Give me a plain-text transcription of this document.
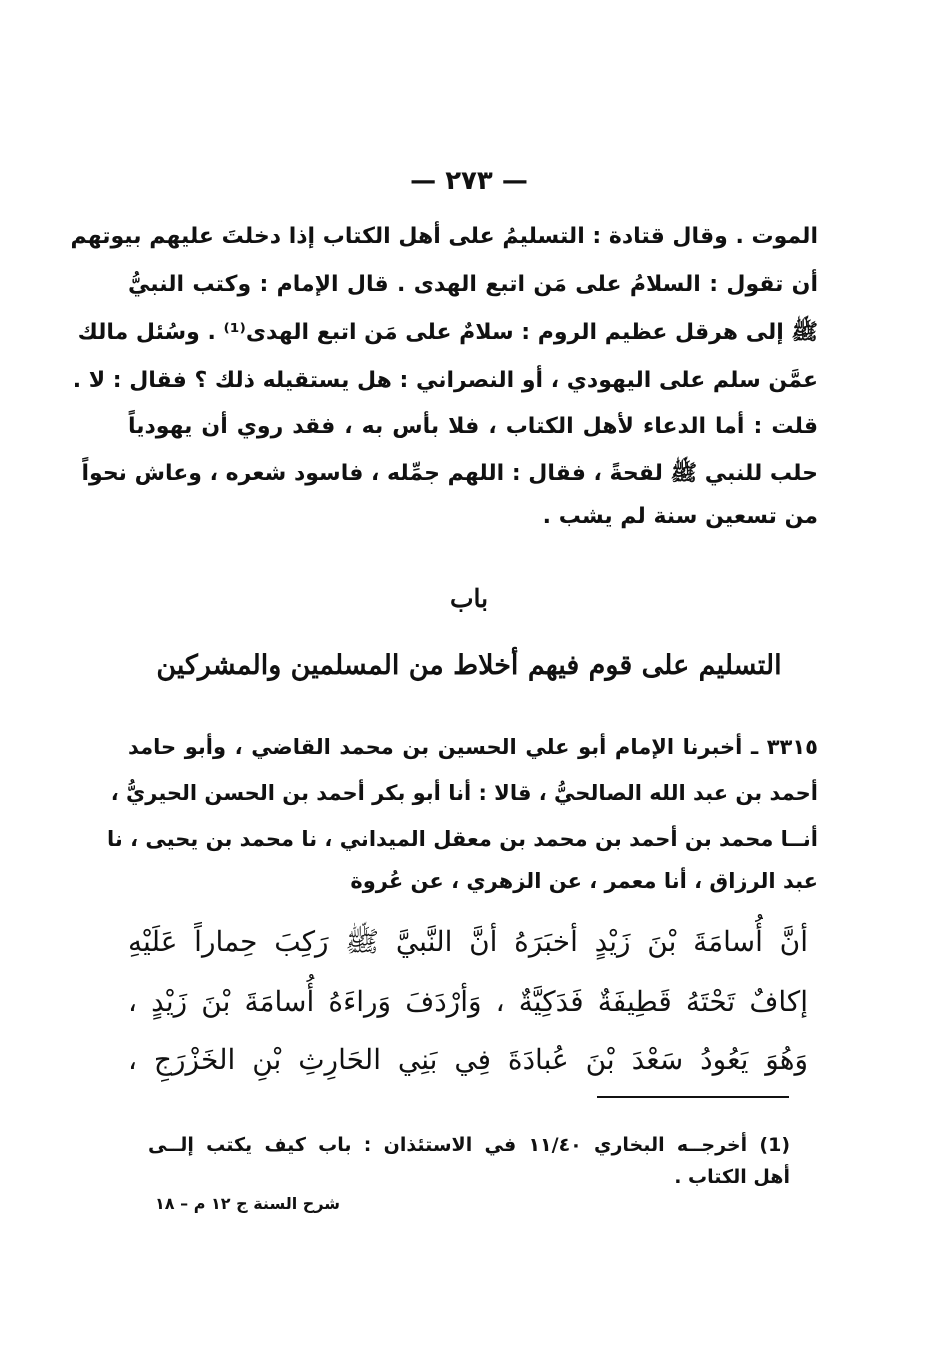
— ٢٧٣ —
الموت . وقال قتادة : التسليمُ على أهل الكتاب إذا دخلتَ عليهم بيوتهم
أن تقول : السلامُ على مَن اتبع الهدى . قال الإمام : وكتب النبيُّ
ﷺ إلى هرقل عظيم الروم : سلامٌ على مَن اتبع الهدى⁽¹⁾ . وسُئل مالك
عمَّن سلم على اليهودي ، أو النصراني : هل يستقيله ذلك ؟ فقال : لا .
قلت : أما الدعاء لأهل الكتاب ، فلا بأس به ، فقد روي أن يهودياً
حلب للنبي ﷺ لقحةً ، فقال : اللهم جمِّله ، فاسود شعره ، وعاش نحواً
من تسعين سنة لم يشب .
باب
التسليم على قوم فيهم أخلاط من المسلمين والمشركين
٣٣١٥ ـ أخبرنا الإمام أبو علي الحسين بن محمد القاضي ، وأبو حامد
أحمد بن عبد الله الصالحيُّ ، قالا : أنا أبو بكر أحمد بن الحسن الحيريُّ ،
أنــا محمد بن أحمد بن محمد بن معقل الميداني ، نا محمد بن يحيى ، نا
عبد الرزاق ، أنا معمر ، عن الزهري ، عن عُروة
أنَّ أُسامَةَ بْنَ زَيْدٍ أخبَرَهُ أنَّ النَّبيَّ ﷺ رَكِبَ حِماراً عَلَيْهِ
إكافٌ تَحْتَهُ قَطِيفَةٌ فَدَكِيَّةٌ ، وَأرْدَفَ وَراءَهُ أُسامَةَ بْنَ زَيْدٍ ،
وَهُوَ يَعُودُ سَعْدَ بْنَ عُبادَةَ فِي بَنِي الحَارِثِ بْنِ الخَزْرَجِ ،
(1) أخرجــه البخاري ١١/٤٠ في الاستئذان : باب كيف يكتب إلــى
أهل الكتاب .
شرح السنة ج ١٢ م – ١٨
